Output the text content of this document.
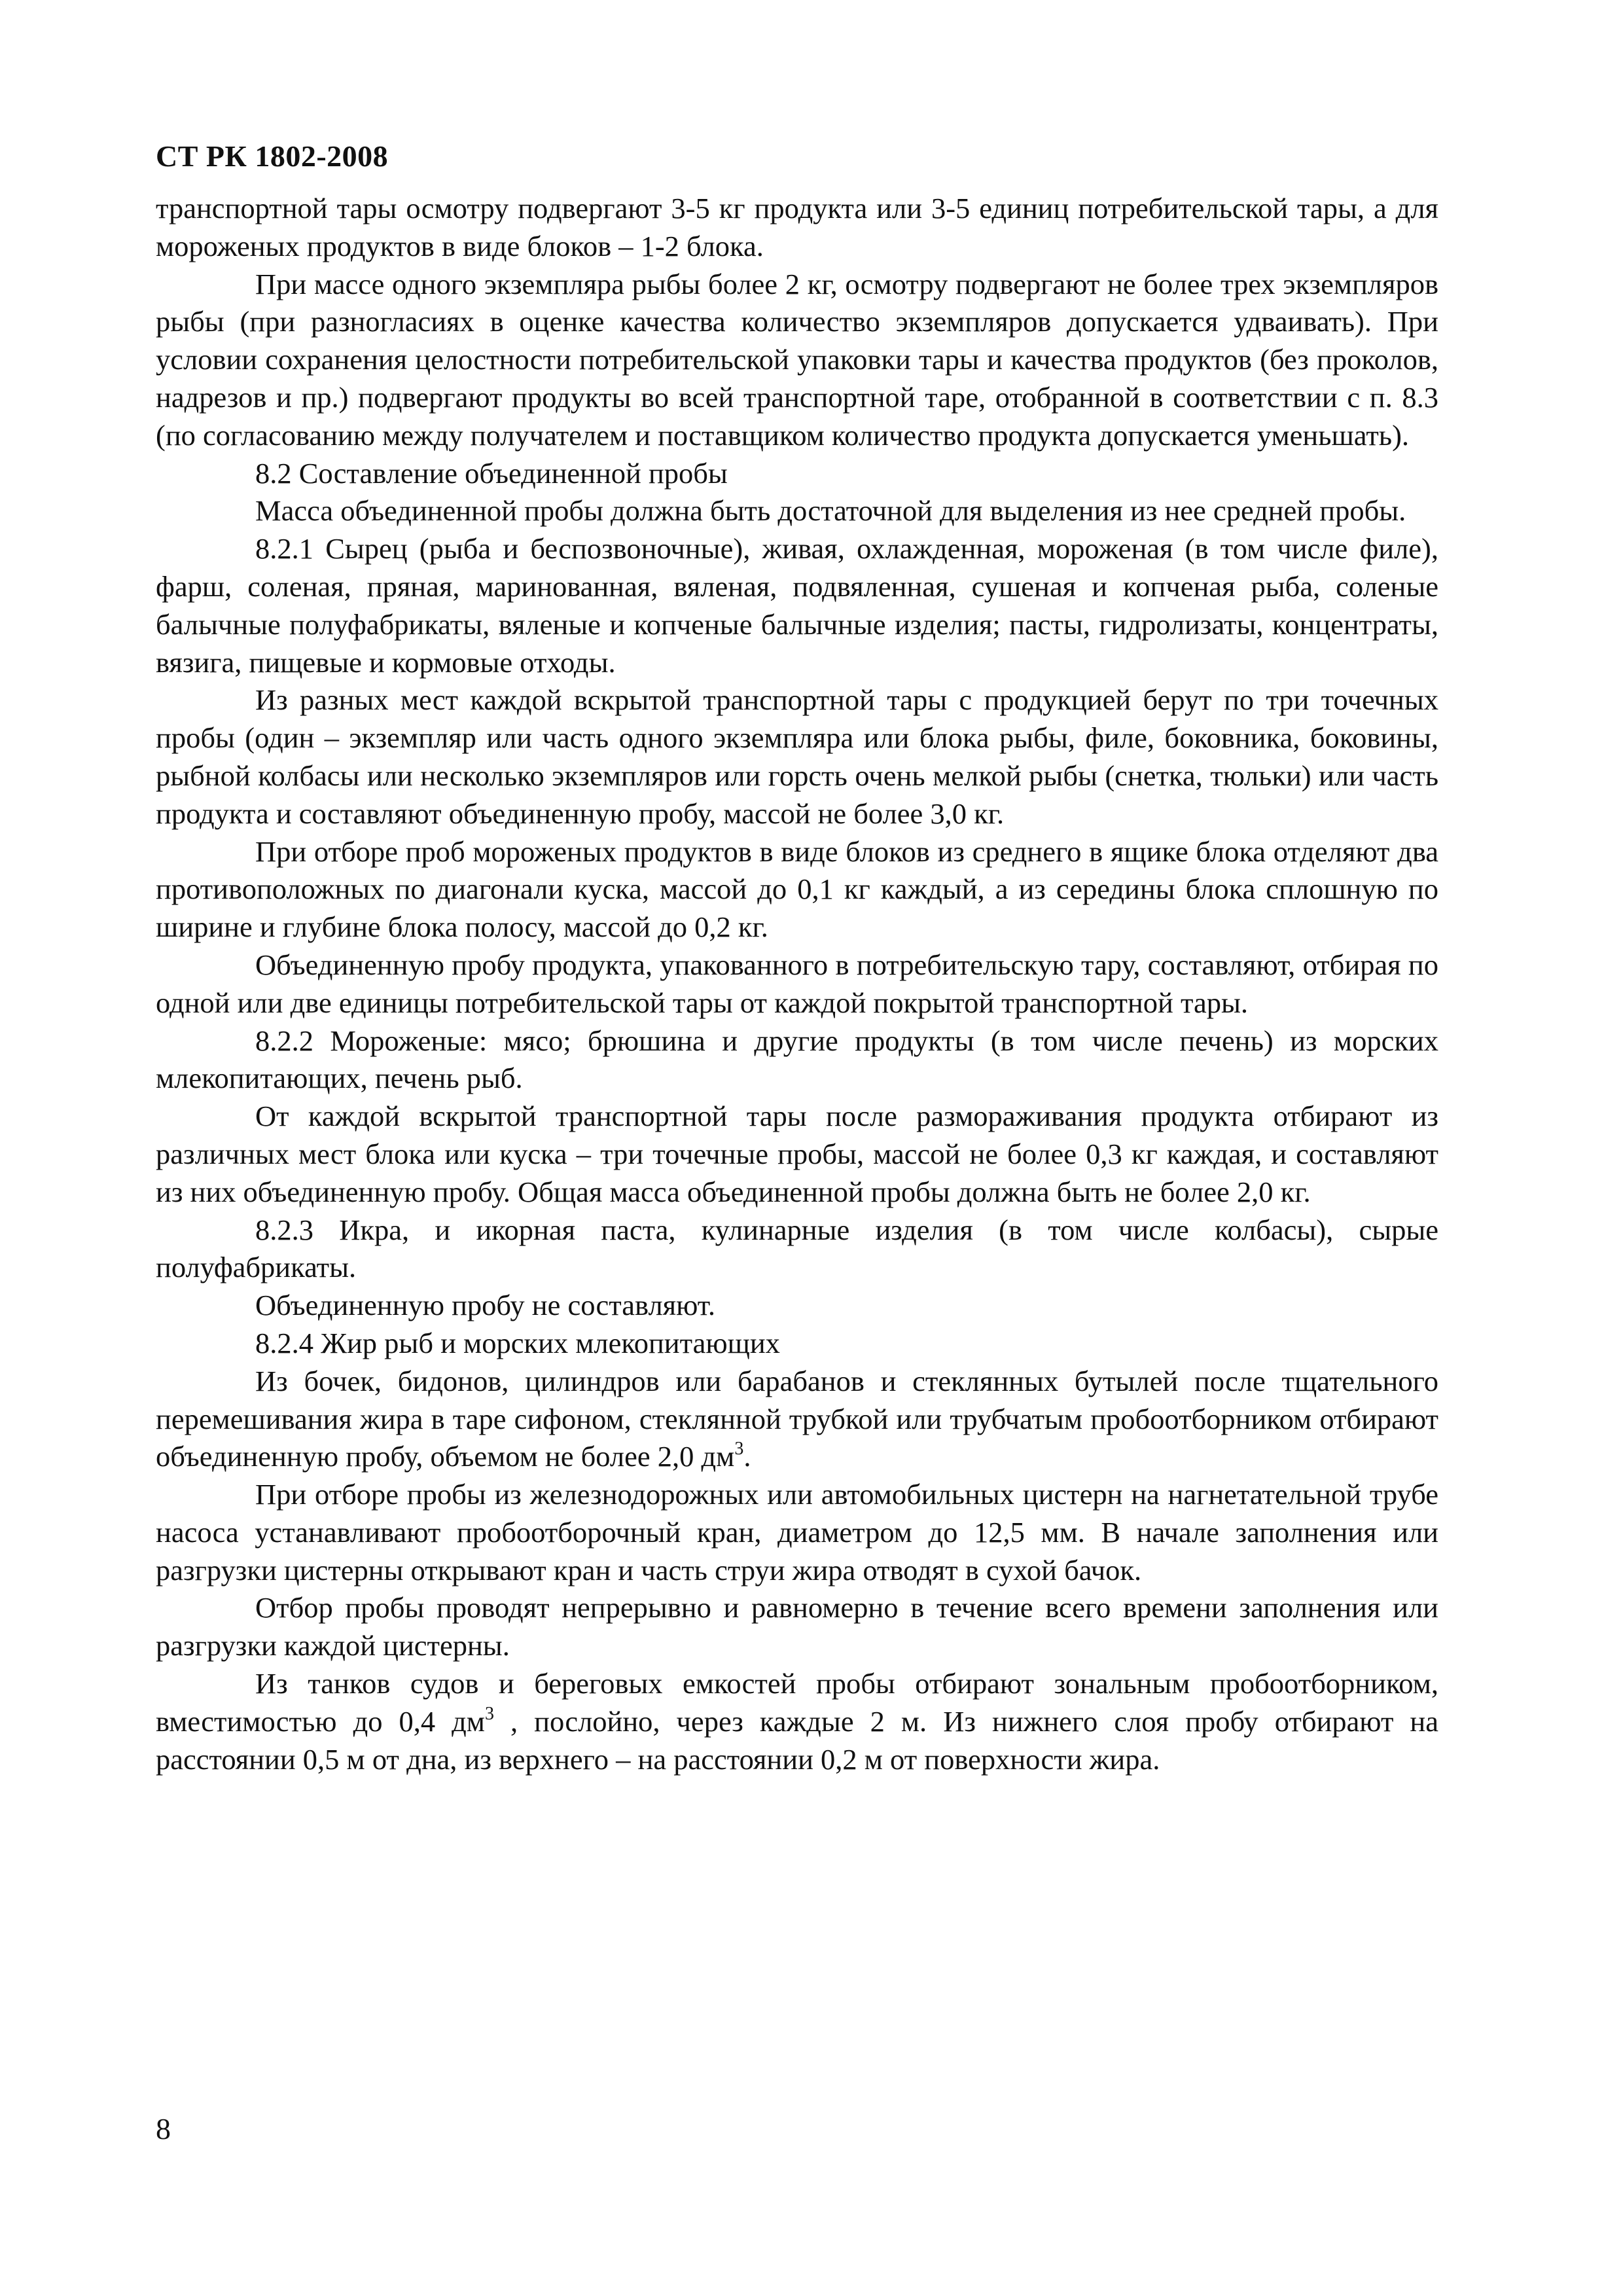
СТ РК 1802-2008

транспортной тары осмотру подвергают 3-5 кг продукта или 3-5 единиц потребительской тары, а для мороженых продуктов в виде блоков – 1-2 блока.

При массе одного экземпляра рыбы более 2 кг, осмотру подвергают не более трех экземпляров рыбы (при разногласиях в оценке качества количество экземпляров допускается удваивать). При условии сохранения целостности потребительской упаковки тары и качества продуктов (без проколов, надрезов и пр.) подвергают продукты во всей транспортной таре, отобранной в соответствии с п. 8.3 (по согласованию между получателем и поставщиком количество продукта допускается уменьшать).

8.2 Составление объединенной пробы

Масса объединенной пробы должна быть достаточной для выделения из нее средней пробы.

8.2.1 Сырец (рыба и беспозвоночные), живая, охлажденная, мороженая (в том числе филе), фарш, соленая, пряная, маринованная, вяленая, подвяленная, сушеная и копченая рыба, соленые балычные полуфабрикаты, вяленые и копченые балычные изделия; пасты, гидролизаты, концентраты, вязига, пищевые и кормовые отходы.

Из разных мест каждой вскрытой транспортной тары с продукцией берут по три точечных пробы (один – экземпляр или часть одного экземпляра или блока рыбы, филе, боковника, боковины, рыбной колбасы или несколько экземпляров или горсть очень мелкой рыбы (снетка, тюльки) или часть продукта и составляют объединенную пробу, массой не более 3,0 кг.

При отборе проб мороженых продуктов в виде блоков из среднего в ящике блока отделяют два противоположных по диагонали куска, массой до 0,1 кг каждый, а из середины блока сплошную по ширине и глубине блока полосу, массой до 0,2 кг.

Объединенную пробу продукта, упакованного в потребительскую тару, составляют, отбирая по одной или две единицы потребительской тары от каждой покрытой транспортной тары.

8.2.2 Мороженые: мясо; брюшина и другие продукты (в том числе печень) из морских млекопитающих, печень рыб.

От каждой вскрытой транспортной тары после размораживания продукта отбирают из различных мест блока или куска – три точечные пробы, массой не более 0,3 кг каждая, и составляют из них объединенную пробу. Общая масса объединенной пробы должна быть не более 2,0 кг.

8.2.3 Икра, и икорная паста, кулинарные изделия (в том числе колбасы), сырые полуфабрикаты.

Объединенную пробу не составляют.

8.2.4 Жир рыб и морских млекопитающих

Из бочек, бидонов, цилиндров или барабанов и стеклянных бутылей после тщательного перемешивания жира в таре сифоном, стеклянной трубкой или трубчатым пробоотборником отбирают объединенную пробу, объемом не более 2,0 $дм^3$.

При отборе пробы из железнодорожных или автомобильных цистерн на нагнетательной трубе насоса устанавливают пробоотборочный кран, диаметром до 12,5 мм. В начале заполнения или разгрузки цистерны открывают кран и часть струи жира отводят в сухой бачок.

Отбор пробы проводят непрерывно и равномерно в течение всего времени заполнения или разгрузки каждой цистерны.

Из танков судов и береговых емкостей пробы отбирают зональным пробоотборником, вместимостью до 0,4 $дм^3$ , послойно, через каждые 2 м. Из нижнего слоя пробу отбирают на расстоянии 0,5 м от дна, из верхнего – на расстоянии 0,2 м от поверхности жира.

8
